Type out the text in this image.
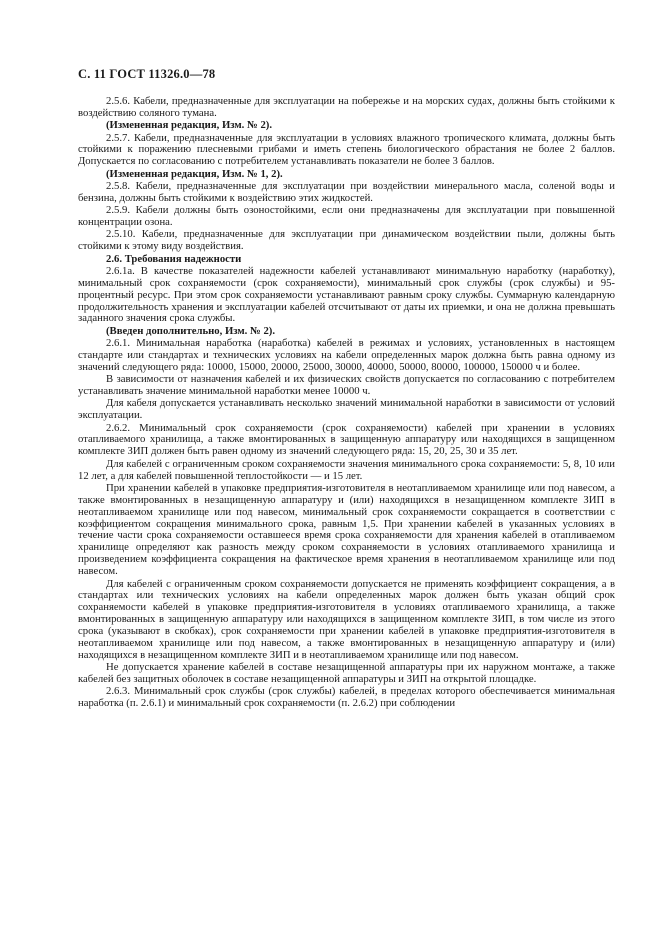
С. 11 ГОСТ 11326.0—78

2.5.6. Кабели, предназначенные для эксплуатации на побережье и на морских судах, должны быть стойкими к воздействию соляного тумана.

(Измененная редакция, Изм. № 2).

2.5.7. Кабели, предназначенные для эксплуатации в условиях влажного тропического климата, должны быть стойкими к поражению плесневыми грибами и иметь степень биологического обрастания не более 2 баллов. Допускается по согласованию с потребителем устанавливать показатели не более 3 баллов.

(Измененная редакция, Изм. № 1, 2).

2.5.8. Кабели, предназначенные для эксплуатации при воздействии минерального масла, соленой воды и бензина, должны быть стойкими к воздействию этих жидкостей.

2.5.9. Кабели должны быть озоностойкими, если они предназначены для эксплуатации при повышенной концентрации озона.

2.5.10. Кабели, предназначенные для эксплуатации при динамическом воздействии пыли, должны быть стойкими к этому виду воздействия.

2.6. Требования надежности

2.6.1а. В качестве показателей надежности кабелей устанавливают минимальную наработку (наработку), минимальный срок сохраняемости (срок сохраняемости), минимальный срок службы (срок службы) и 95-процентный ресурс. При этом срок сохраняемости устанавливают равным сроку службы. Суммарную календарную продолжительность хранения и эксплуатации кабелей отсчитывают от даты их приемки, и она не должна превышать заданного значения срока службы.

(Введен дополнительно, Изм. № 2).

2.6.1. Минимальная наработка (наработка) кабелей в режимах и условиях, установленных в настоящем стандарте или стандартах и технических условиях на кабели определенных марок должна быть равна одному из значений следующего ряда: 10000, 15000, 20000, 25000, 30000, 40000, 50000, 80000, 100000, 150000 ч и более.

В зависимости от назначения кабелей и их физических свойств допускается по согласованию с потребителем устанавливать значение минимальной наработки менее 10000 ч.

Для кабеля допускается устанавливать несколько значений минимальной наработки в зависимости от условий эксплуатации.

2.6.2. Минимальный срок сохраняемости (срок сохраняемости) кабелей при хранении в условиях отапливаемого хранилища, а также вмонтированных в защищенную аппаратуру или находящихся в защищенном комплекте ЗИП должен быть равен одному из значений следующего ряда: 15, 20, 25, 30 и 35 лет.

Для кабелей с ограниченным сроком сохраняемости значения минимального срока сохраняемости: 5, 8, 10 или 12 лет, а для кабелей повышенной теплостойкости — и 15 лет.

При хранении кабелей в упаковке предприятия-изготовителя в неотапливаемом хранилище или под навесом, а также вмонтированных в незащищенную аппаратуру и (или) находящихся в незащищенном комплекте ЗИП в неотапливаемом хранилище или под навесом, минимальный срок сохраняемости сокращается в соответствии с коэффициентом сокращения минимального срока, равным 1,5. При хранении кабелей в указанных условиях в течение части срока сохраняемости оставшееся время срока сохраняемости для хранения кабелей в отапливаемом хранилище определяют как разность между сроком сохраняемости в условиях отапливаемого хранилища и произведением коэффициента сокращения на фактическое время хранения в неотапливаемом хранилище или под навесом.

Для кабелей с ограниченным сроком сохраняемости допускается не применять коэффициент сокращения, а в стандартах или технических условиях на кабели определенных марок должен быть указан общий срок сохраняемости кабелей в упаковке предприятия-изготовителя в условиях отапливаемого хранилища, а также вмонтированных в защищенную аппаратуру или находящихся в защищенном комплекте ЗИП, в том числе из этого срока (указывают в скобках), срок сохраняемости при хранении кабелей в упаковке предприятия-изготовителя в неотапливаемом хранилище или под навесом, а также вмонтированных в незащищенную аппаратуру и (или) находящихся в незащищенном комплекте ЗИП и в неотапливаемом хранилище или под навесом.

Не допускается хранение кабелей в составе незащищенной аппаратуры при их наружном монтаже, а также кабелей без защитных оболочек в составе незащищенной аппаратуры и ЗИП на открытой площадке.

2.6.3. Минимальный срок службы (срок службы) кабелей, в пределах которого обеспечивается минимальная наработка (п. 2.6.1) и минимальный срок сохраняемости (п. 2.6.2) при соблюдении
